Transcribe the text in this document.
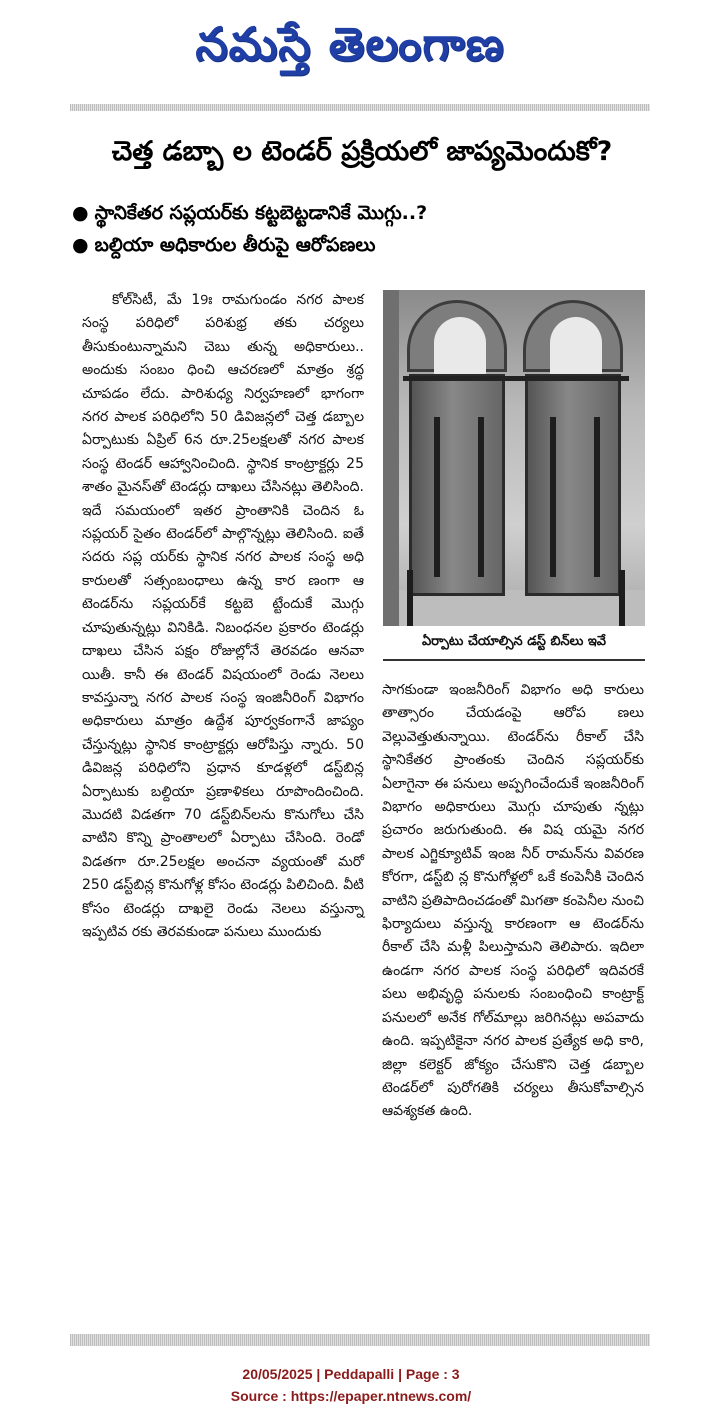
నమస్తే తెలంగాణ
చెత్త డబ్బా ల టెండర్ ప్రక్రియలో జాప్యమెందుకో?
● స్థానికేతర సప్లయర్‌కు కట్టబెట్టడానికే మొగ్గు..?
● బల్దియా అధికారుల తీరుపై ఆరోపణలు

కోల్‌సిటీ, మే 19ః రామగుండం నగర పాలక సంస్థ పరిధిలో పరిశుభ్ర తకు చర్యలు తీసుకుంటున్నామని చెబు తున్న అధికారులు.. అందుకు సంబం ధించి ఆచరణలో మాత్రం శ్రద్ధ చూపడం లేదు. పారిశుధ్య నిర్వహణలో భాగంగా నగర పాలక పరిధిలోని 50 డివిజన్లలో చెత్త డబ్బాల ఏర్పాటుకు ఏప్రిల్ 6న రూ.25లక్షలతో నగర పాలక సంస్థ టెండర్ ఆహ్వానించింది. స్థానిక కాంట్రాక్టర్లు 25 శాతం మైనస్‌తో టెండర్లు దాఖలు చేసినట్లు తెలిసింది. ఇదే సమయంలో ఇతర ప్రాంతానికి చెందిన ఓ సప్లయర్ సైతం టెండర్‌లో పాల్గొన్నట్లు తెలిసింది. ఐతే సదరు సప్ల యర్‌కు స్థానిక నగర పాలక సంస్థ అధి కారులతో సత్సంబంధాలు ఉన్న కార ణంగా ఆ టెండర్‌ను సప్లయర్‌కే కట్టబె ట్టేందుకే మొగ్గు చూపుతున్నట్లు వినికిడి. నిబంధనల ప్రకారం టెండర్లు దాఖలు చేసిన పక్షం రోజుల్లోనే తెరవడం ఆనవా యితీ. కానీ ఈ టెండర్ విషయంలో రెండు నెలలు కావస్తున్నా నగర పాలక సంస్థ ఇంజినీరింగ్ విభాగం అధికారులు మాత్రం ఉద్దేశ పూర్వకంగానే జాప్యం చేస్తున్నట్లు స్థానిక కాంట్రాక్టర్లు ఆరోపిస్తు న్నారు. 50 డివిజన్ల పరిధిలోని ప్రధాన కూడళ్లలో డస్ట్‌బిన్ల ఏర్పాటుకు బల్దియా ప్రణాళికలు రూపొందించింది. మొదటి విడతగా 70 డస్ట్‌బిన్‌లను కొనుగోలు చేసి వాటిని కొన్ని ప్రాంతాలలో ఏర్పాటు చేసింది. రెండో విడతగా రూ.25లక్షల అంచనా వ్యయంతో మరో 250 డస్ట్‌బిన్ల కొనుగోళ్ల కోసం టెండర్లు పిలిచింది. వీటి కోసం టెండర్లు దాఖలై రెండు నెలలు వస్తున్నా ఇప్పటివ రకు తెరవకుండా పనులు ముందుకు

ఏర్పాటు చేయాల్సిన డస్ట్ బిన్‌లు ఇవే

సాగకుండా ఇంజనీరింగ్ విభాగం అధి కారులు తాత్సారం చేయడంపై ఆరోప ణలు వెల్లువెత్తుతున్నాయి. టెండర్‌ను రీకాల్ చేసి స్థానికేతర ప్రాంతంకు చెందిన సప్లయర్‌కు ఏలాగైనా ఈ పనులు అప్పగించేందుకే ఇంజనీరింగ్ విభాగం అధికారులు మొగ్గు చూపుతు న్నట్లు ప్రచారం జరుగుతుంది. ఈ విష యమై నగర పాలక ఎగ్జిక్యూటివ్ ఇంజ నీర్ రామన్‌ను వివరణ కోరగా, డస్ట్‌బి న్ల కొనుగోళ్లలో ఒకే కంపెనీకి చెందిన వాటిని ప్రతిపాదించడంతో మిగతా కంపెనీల నుంచి ఫిర్యాదులు వస్తున్న కారణంగా ఆ టెండర్‌ను రీకాల్ చేసి మళ్లీ పిలుస్తామని తెలిపారు. ఇదిలా ఉండగా నగర పాలక సంస్థ పరిధిలో ఇదివరకే పలు అభివృద్ధి పనులకు సంబంధించి కాంట్రాక్ట్ పనులలో అనేక గోల్‌మాల్లు జరిగినట్లు అపవాదు ఉంది. ఇప్పటికైనా నగర పాలక ప్రత్యేక అధి కారి, జిల్లా కలెక్టర్ జోక్యం చేసుకొని చెత్త డబ్బాల టెండర్‌లో పురోగతికి చర్యలు తీసుకోవాల్సిన ఆవశ్యకత ఉంది.

20/05/2025 | Peddapalli | Page : 3
Source : https://epaper.ntnews.com/
